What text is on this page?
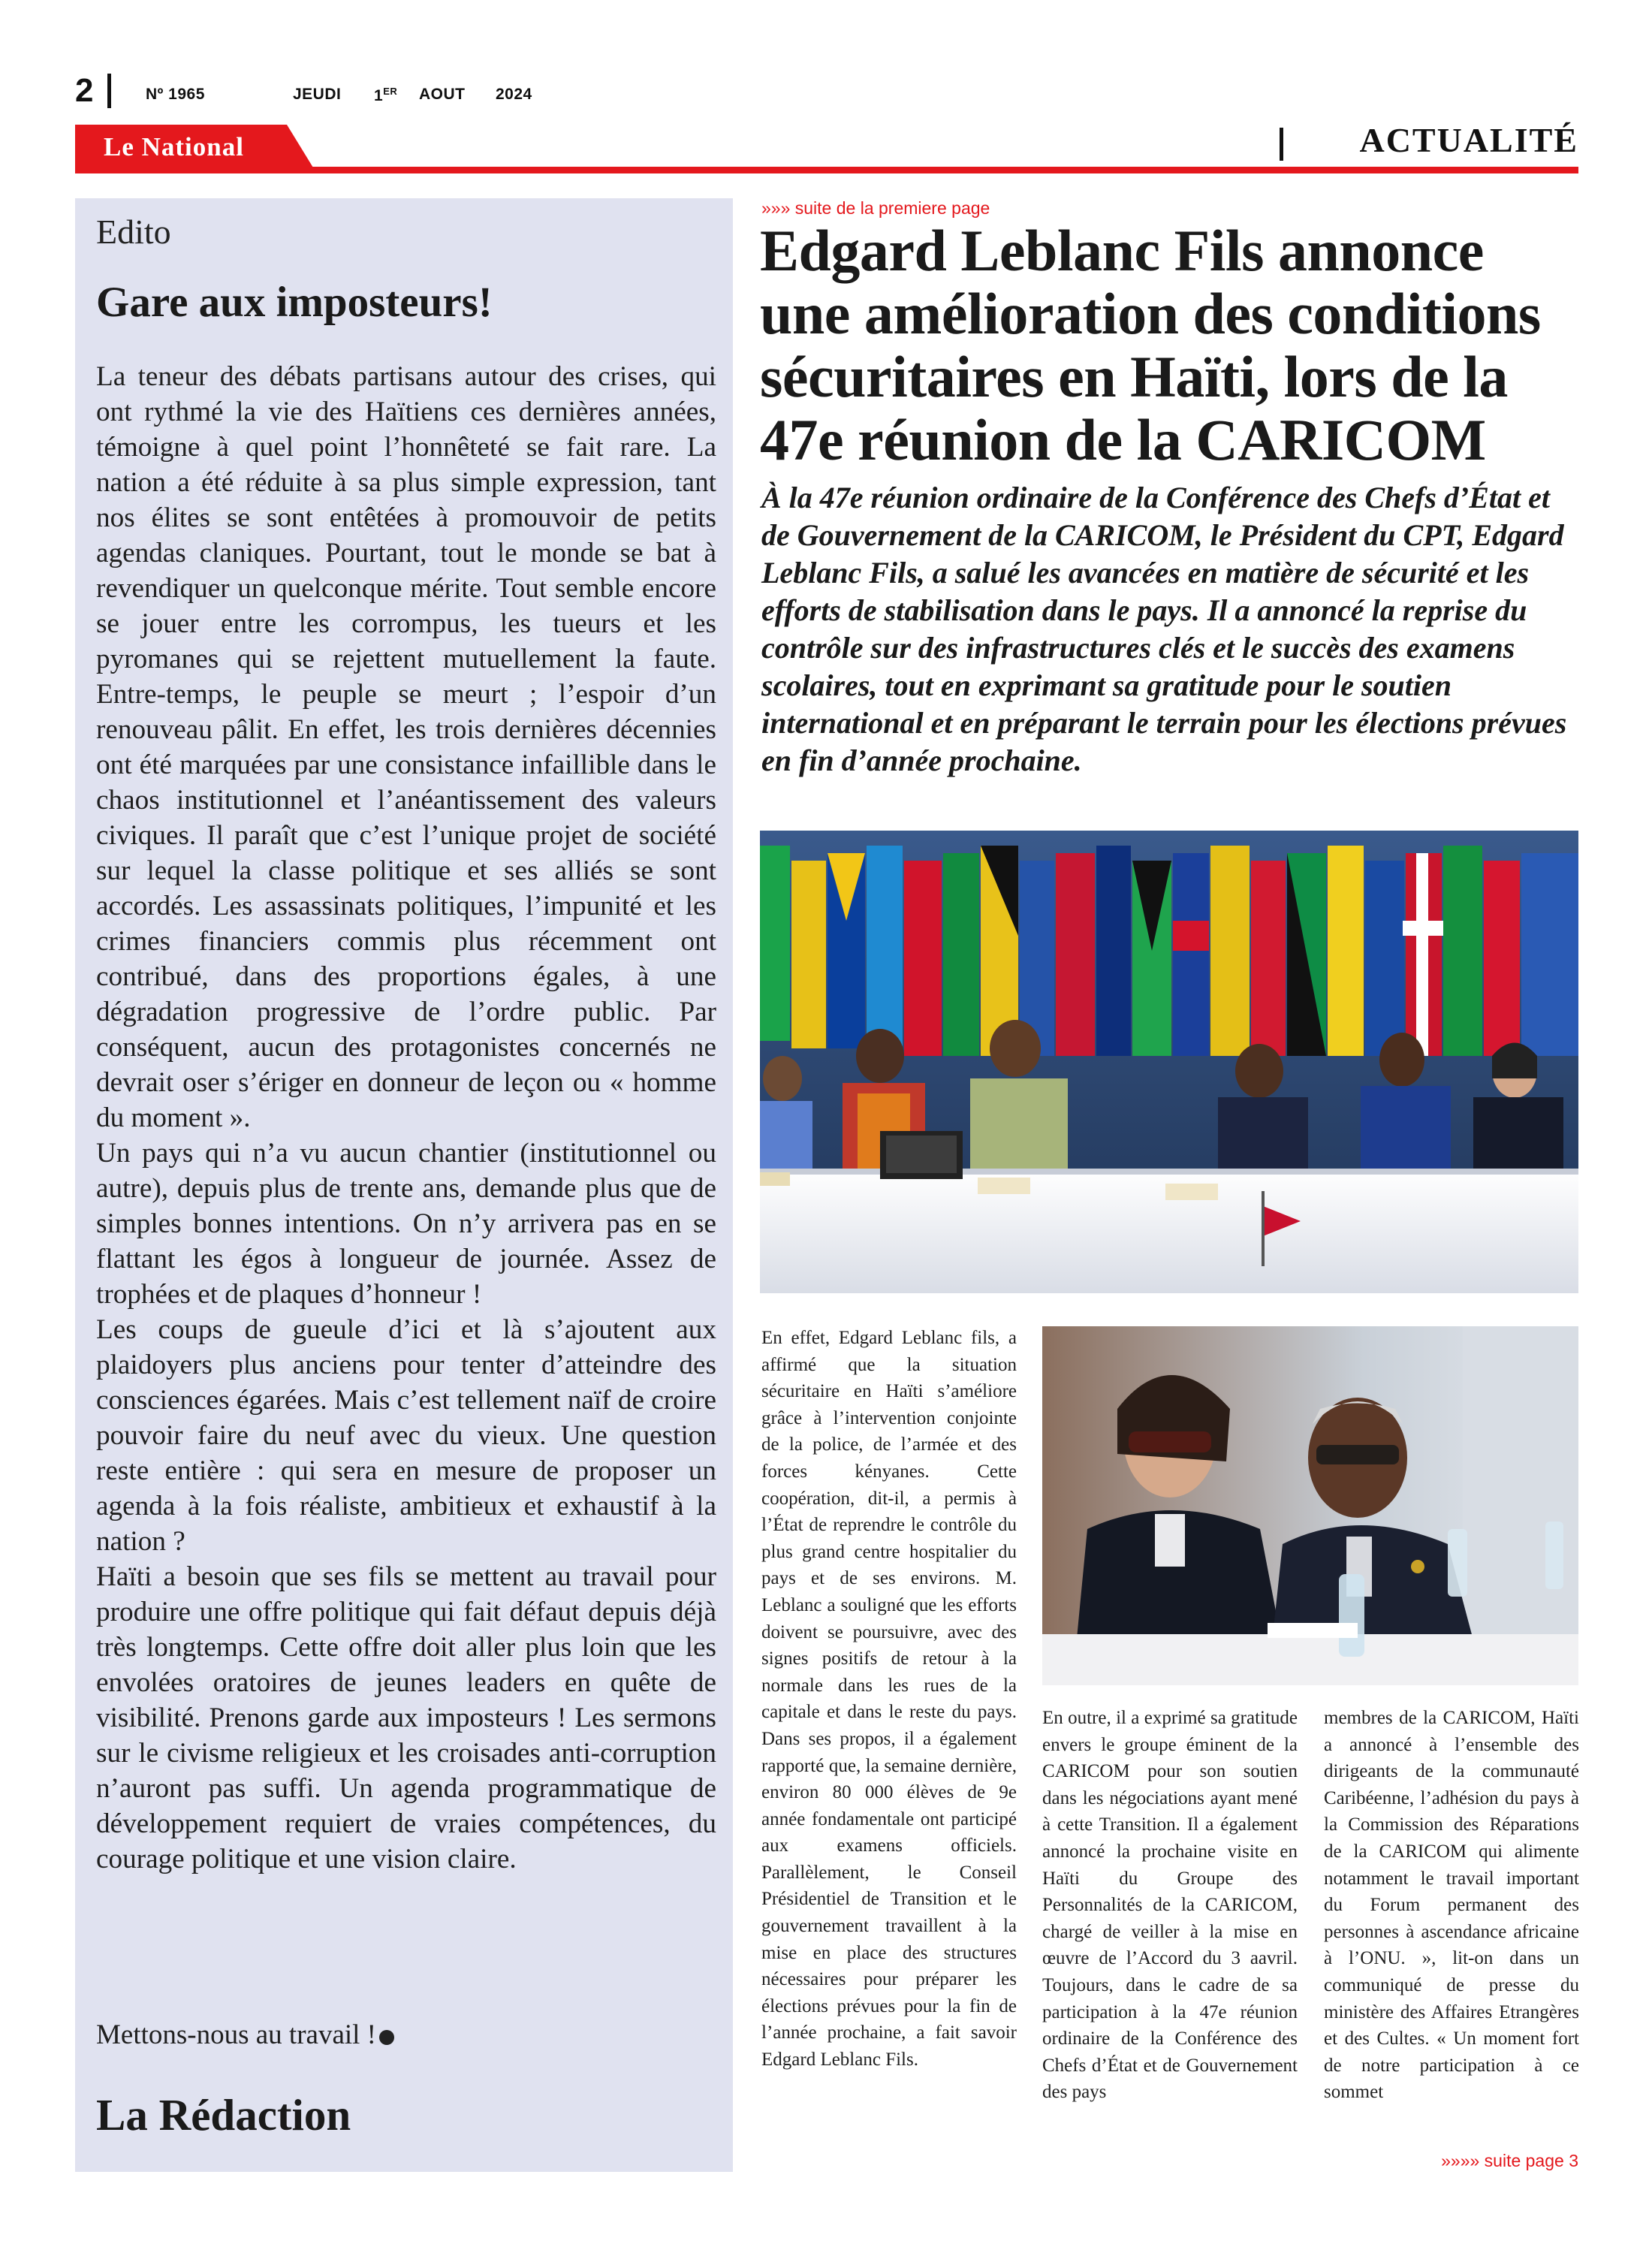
2	Nº 1965	JEUDI 1ER AOUT 2024
Le National	ACTUALITÉ
Edito
Gare aux imposteurs!

La teneur des débats partisans autour des crises, qui ont rythmé la vie des Haïtiens ces dernières années, témoigne à quel point l’honnêteté se fait rare. La nation a été réduite à sa plus simple expression, tant nos élites se sont entêtées à promouvoir de petits agendas claniques. Pourtant, tout le monde se bat à revendiquer un quelconque mérite. Tout semble encore se jouer entre les corrompus, les tueurs et les pyromanes qui se rejettent mutuellement la faute. Entre-temps, le peuple se meurt ; l’espoir d’un renouveau pâlit. En effet, les trois dernières décennies ont été marquées par une consistance infaillible dans le chaos institutionnel et l’anéantissement des valeurs civiques. Il paraît que c’est l’unique projet de société sur lequel la classe politique et ses alliés se sont accordés. Les assassinats politiques, l’impunité et les crimes financiers commis plus récemment ont contribué, dans des proportions égales, à une dégradation progressive de l’ordre public. Par conséquent, aucun des protagonistes concernés ne devrait oser s’ériger en donneur de leçon ou « homme du moment ».

Un pays qui n’a vu aucun chantier (institutionnel ou autre), depuis plus de trente ans, demande plus que de simples bonnes intentions. On n’y arrivera pas en se flattant les égos à longueur de journée. Assez de trophées et de plaques d’honneur !

Les coups de gueule d’ici et là s’ajoutent aux plaidoyers plus anciens pour tenter d’atteindre des consciences égarées. Mais c’est tellement naïf de croire pouvoir faire du neuf avec du vieux. Une question reste entière : qui sera en mesure de proposer un agenda à la fois réaliste, ambitieux et exhaustif à la nation ?

Haïti a besoin que ses fils se mettent au travail pour produire une offre politique qui fait défaut depuis déjà très longtemps. Cette offre doit aller plus loin que les envolées oratoires de jeunes leaders en quête de visibilité. Prenons garde aux imposteurs ! Les sermons sur le civisme religieux et les croisades anti-corruption n’auront pas suffi. Un agenda programmatique de développement requiert de vraies compétences, du courage politique et une vision claire.

Mettons-nous au travail !
La Rédaction
»»» suite de la premiere page
Edgard Leblanc Fils annonce une amélioration des conditions sécuritaires en Haïti, lors de la 47e réunion de la CARICOM

À la 47e réunion ordinaire de la Conférence des Chefs d’État et de Gouvernement de la CARICOM, le Président du CPT, Edgard Leblanc Fils, a salué les avancées en matière de sécurité et les efforts de stabilisation dans le pays. Il a annoncé la reprise du contrôle sur des infrastructures clés et le succès des examens scolaires, tout en exprimant sa gratitude pour le soutien international et en préparant le terrain pour les élections prévues en fin d’année prochaine.

En effet, Edgard Leblanc fils, a affirmé que la situation sécuritaire en Haïti s’améliore grâce à l’intervention conjointe de la police, de l’armée et des forces kényanes. Cette coopération, dit-il, a permis à l’État de reprendre le contrôle du plus grand centre hospitalier du pays et de ses environs. M. Leblanc a souligné que les efforts doivent se poursuivre, avec des signes positifs de retour à la normale dans les rues de la capitale et dans le reste du pays. Dans ses propos, il a également rapporté que, la semaine dernière, environ 80 000 élèves de 9e année fondamentale ont participé aux examens officiels. Parallèlement, le Conseil Présidentiel de Transition et le gouvernement travaillent à la mise en place des structures nécessaires pour préparer les élections prévues pour la fin de l’année prochaine, a fait savoir Edgard Leblanc Fils.

En outre, il a exprimé sa gratitude envers le groupe éminent de la CARICOM pour son soutien dans les négociations ayant mené à cette Transition. Il a également annoncé la prochaine visite en Haïti du Groupe des Personnalités de la CARICOM, chargé de veiller à la mise en œuvre de l’Accord du 3 aavril. Toujours, dans le cadre de sa participation à la 47e réunion ordinaire de la Conférence des Chefs d’État et de Gouvernement des pays

membres de la CARICOM, Haïti a annoncé à l’ensemble des dirigeants de la communauté Caribéenne, l’adhésion du pays à la Commission des Réparations de la CARICOM qui alimente notamment le travail important du Forum permanent des personnes à ascendance africaine à l’ONU. », lit-on dans un communiqué de presse du ministère des Affaires Etrangères et des Cultes. « Un moment fort de notre participation à ce sommet

»»»» suite page 3
